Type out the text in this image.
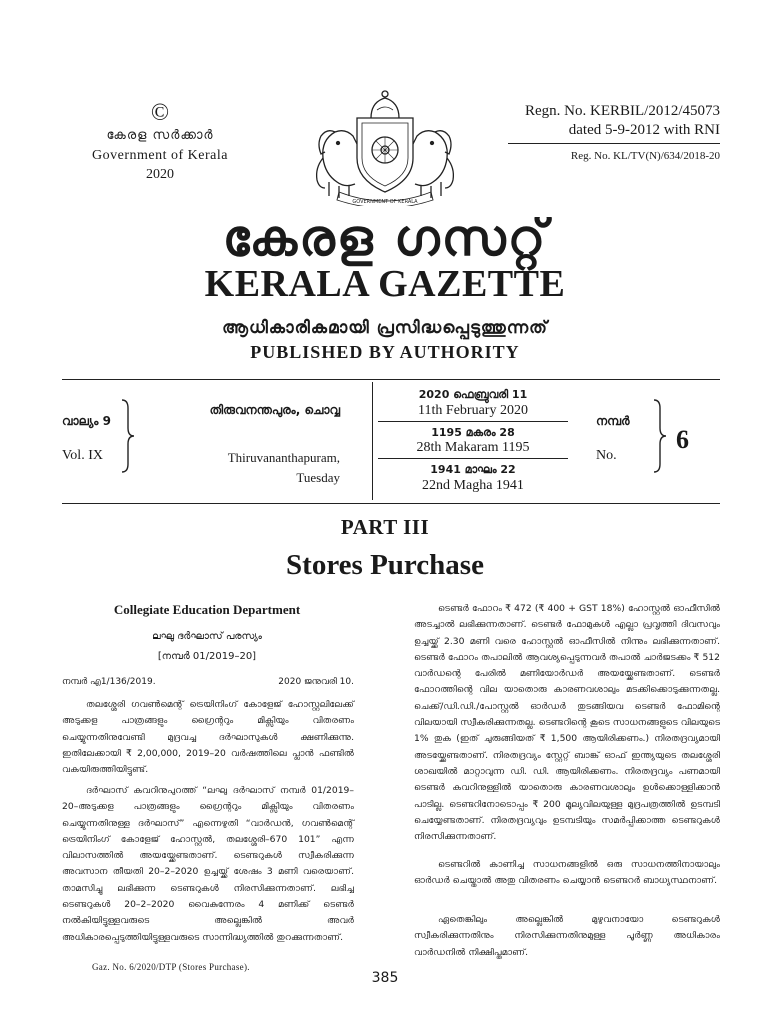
©
കേരള സർക്കാർ
Government of Kerala
2020
GOVERNMENT OF KERALA
Regn. No. KERBIL/2012/45073
dated 5-9-2012 with RNI
Reg. No. KL/TV(N)/634/2018-20
കേരള ഗസറ്റ്
KERALA GAZETTE
ആധികാരികമായി പ്രസിദ്ധപ്പെടുത്തുന്നത്
PUBLISHED BY AUTHORITY
വാല്യം 9
Vol. IX
തിരുവനന്തപുരം, ചൊവ്വ
Thiruvananthapuram,
Tuesday
2020 ഫെബ്രുവരി 11
11th February 2020
1195 മകരം 28
28th Makaram 1195
1941 മാഘം 22
22nd Magha 1941
നമ്പർ
No.
6
PART III
Stores Purchase
Collegiate Education Department
ലഘു ദർഘാസ് പരസ്യം
[നമ്പർ 01/2019–20]
നമ്പർ എ1/136/2019.	2020 ജനുവരി 10.
തലശ്ശേരി ഗവൺമെന്റ് ട്രെയിനിംഗ് കോളേജ് ഹോസ്റ്റലിലേക്ക് അടുക്കള പാത്രങ്ങളും ഗ്രൈന്ററും മിക്സിയും വിതരണം ചെയ്യുന്നതിനുവേണ്ടി മുദ്രവച്ച ദർഘാസുകൾ ക്ഷണിക്കുന്നു. ഇതിലേക്കായി ₹ 2,00,000, 2019–20 വർഷത്തിലെ പ്ലാൻ ഫണ്ടിൽ വകയിരുത്തിയിട്ടുണ്ട്.
ദർഘാസ് കവറിനുപുറത്ത് “ലഘു ദർഘാസ് നമ്പർ 01/2019–20–അടുക്കള പാത്രങ്ങളും ഗ്രൈന്ററും മിക്സിയും വിതരണം ചെയ്യുന്നതിനുള്ള ദർഘാസ്” എന്നെഴുതി “വാർഡൻ, ഗവൺമെന്റ് ട്രെയിനിംഗ് കോളേജ് ഹോസ്റ്റൽ, തലശ്ശേരി–670 101” എന്ന വിലാസത്തിൽ അയയ്ക്കേണ്ടതാണ്. ടെണ്ടറുകൾ സ്വീകരിക്കുന്ന അവസാന തീയതി 20–2–2020 ഉച്ചയ്ക്ക് ശേഷം 3 മണി വരെയാണ്. താമസിച്ചു ലഭിക്കുന്ന ടെണ്ടറുകൾ നിരസിക്കുന്നതാണ്. ലഭിച്ച ടെണ്ടറുകൾ 20–2–2020 വൈകുന്നേരം 4 മണിക്ക് ടെണ്ടർ നൽകിയിട്ടുള്ളവരുടെ അല്ലെങ്കിൽ അവർ അധികാരപ്പെടുത്തിയിട്ടുള്ളവരുടെ സാന്നിദ്ധ്യത്തിൽ തുറക്കുന്നതാണ്.
ടെണ്ടർ ഫോറം ₹ 472 (₹ 400 + GST 18%) ഹോസ്റ്റൽ ഓഫീസിൽ അടച്ചാൽ ലഭിക്കുന്നതാണ്. ടെണ്ടർ ഫോമുകൾ എല്ലാ പ്രവൃത്തി ദിവസവും ഉച്ചയ്ക്ക് 2.30 മണി വരെ ഹോസ്റ്റൽ ഓഫീസിൽ നിന്നും ലഭിക്കുന്നതാണ്. ടെണ്ടർ ഫോറം തപാലിൽ ആവശ്യപ്പെടുന്നവർ തപാൽ ചാർജടക്കം ₹ 512 വാർഡന്റെ പേരിൽ മണിയോർഡർ അയയ്ക്കേണ്ടതാണ്. ടെണ്ടർ ഫോറത്തിന്റെ വില യാതൊരു കാരണവശാലും മടക്കിക്കൊടുക്കുന്നതല്ല. ചെക്ക്/ഡി.ഡി./പോസ്റ്റൽ ഓർഡർ തുടങ്ങിയവ ടെണ്ടർ ഫോമിന്റെ വിലയായി സ്വീകരിക്കുന്നതല്ല. ടെണ്ടറിന്റെ കൂടെ സാധനങ്ങളുടെ വിലയുടെ 1% തുക (ഇത് ചുരുങ്ങിയത് ₹ 1,500 ആയിരിക്കണം.) നിരതദ്രവ്യമായി അടയ്ക്കേണ്ടതാണ്. നിരതദ്രവ്യം സ്റ്റേറ്റ് ബാങ്ക് ഓഫ് ഇന്ത്യയുടെ തലശ്ശേരി ശാഖയിൽ മാറ്റാവുന്ന ഡി. ഡി. ആയിരിക്കണം. നിരതദ്രവ്യം പണമായി ടെണ്ടർ കവറിനുള്ളിൽ യാതൊരു കാരണവശാലും ഉൾക്കൊള്ളിക്കാൻ പാടില്ല. ടെണ്ടറിനോടൊപ്പം ₹ 200 മൂല്യവിലയുള്ള മുദ്രപത്രത്തിൽ ഉടമ്പടി ചെയ്യേണ്ടതാണ്. നിരതദ്രവ്യവും ഉടമ്പടിയും സമർപ്പിക്കാത്ത ടെണ്ടറുകൾ നിരസിക്കുന്നതാണ്.
ടെണ്ടറിൽ കാണിച്ച സാധനങ്ങളിൽ ഒരു സാധനത്തിനായാലും ഓർഡർ ചെയ്താൽ അതു വിതരണം ചെയ്യാൻ ടെണ്ടറർ ബാധ്യസ്ഥനാണ്.
ഏതെങ്കിലും അല്ലെങ്കിൽ മുഴുവനായോ ടെണ്ടറുകൾ സ്വീകരിക്കുന്നതിനും നിരസിക്കുന്നതിനുമുള്ള പൂർണ്ണ അധികാരം വാർഡനിൽ നിക്ഷിപ്തമാണ്.
Gaz. No. 6/2020/DTP (Stores Purchase).
385
